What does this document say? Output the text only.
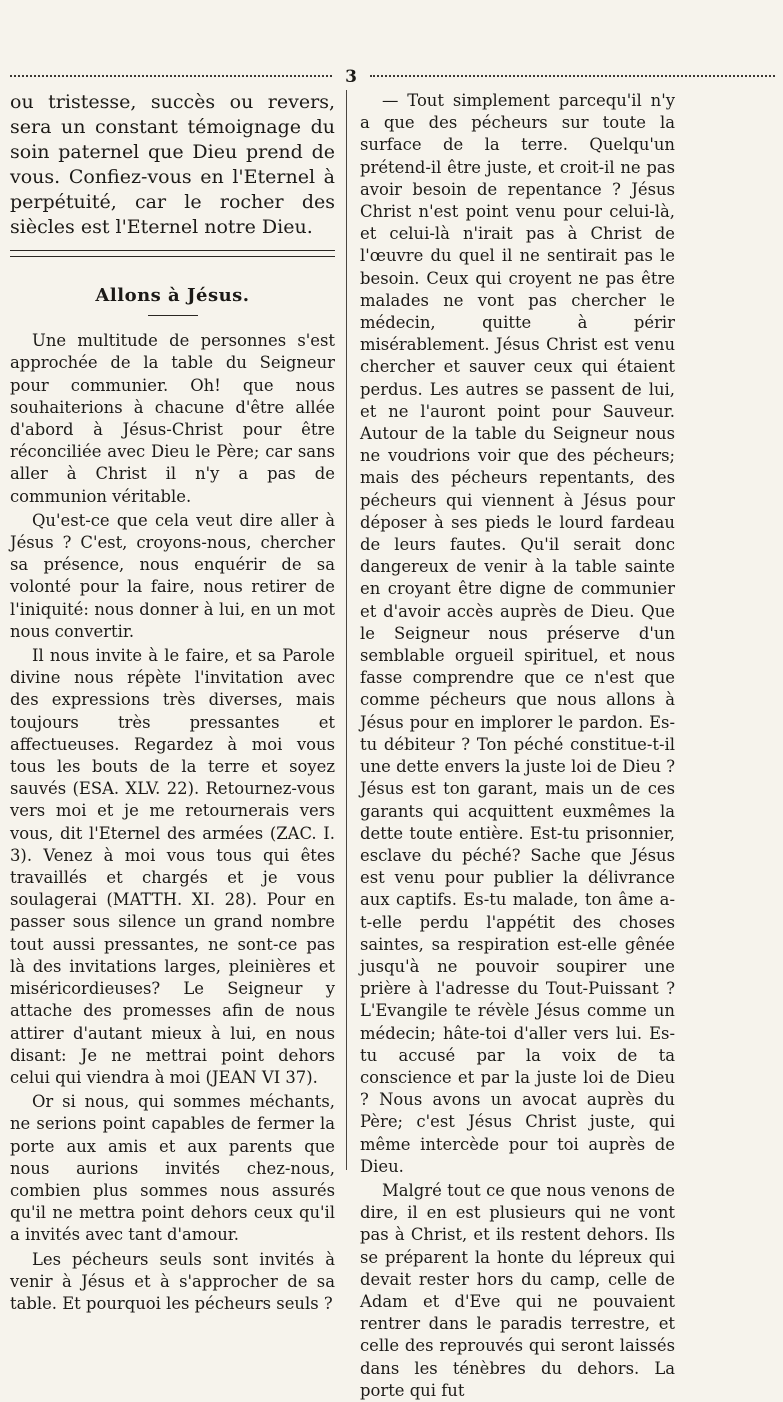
3

ou tristesse, succès ou revers, sera un constant témoignage du soin paternel que Dieu prend de vous. Confiez-vous en l'Eternel à perpétuité, car le rocher des siècles est l'Eternel notre Dieu.

Allons à Jésus.

Une multitude de personnes s'est approchée de la table du Seigneur pour communier. Oh! que nous souhaiterions à chacune d'être allée d'abord à Jésus-Christ pour être réconciliée avec Dieu le Père; car sans aller à Christ il n'y a pas de communion véritable.

Qu'est-ce que cela veut dire aller à Jésus ? C'est, croyons-nous, chercher sa présence, nous enquérir de sa volonté pour la faire, nous retirer de l'iniquité: nous donner à lui, en un mot nous convertir.

Il nous invite à le faire, et sa Parole divine nous répète l'invitation avec des expressions très diverses, mais toujours très pressantes et affectueuses. Regardez à moi vous tous les bouts de la terre et soyez sauvés (ESA. XLV. 22). Retournez-vous vers moi et je me retournerais vers vous, dit l'Eternel des armées (ZAC. I. 3). Venez à moi vous tous qui êtes travaillés et chargés et je vous soulagerai (MATTH. XI. 28). Pour en passer sous silence un grand nombre tout aussi pressantes, ne sont-ce pas là des invitations larges, pleinières et miséricordieuses? Le Seigneur y attache des promesses afin de nous attirer d'autant mieux à lui, en nous disant: Je ne mettrai point dehors celui qui viendra à moi (JEAN VI 37).

Or si nous, qui sommes méchants, ne serions point capables de fermer la porte aux amis et aux parents que nous aurions invités chez-nous, combien plus sommes nous assurés qu'il ne mettra point dehors ceux qu'il a invités avec tant d'amour.

Les pécheurs seuls sont invités à venir à Jésus et à s'approcher de sa table. Et pourquoi les pécheurs seuls ?

— Tout simplement parcequ'il n'y a que des pécheurs sur toute la surface de la terre. Quelqu'un prétend-il être juste, et croit-il ne pas avoir besoin de repentance ? Jésus Christ n'est point venu pour celui-là, et celui-là n'irait pas à Christ de l'œuvre du quel il ne sentirait pas le besoin. Ceux qui croyent ne pas être malades ne vont pas chercher le médecin, quitte à périr misérablement. Jésus Christ est venu chercher et sauver ceux qui étaient perdus. Les autres se passent de lui, et ne l'auront point pour Sauveur. Autour de la table du Seigneur nous ne voudrions voir que des pécheurs; mais des pécheurs repentants, des pécheurs qui viennent à Jésus pour déposer à ses pieds le lourd fardeau de leurs fautes. Qu'il serait donc dangereux de venir à la table sainte en croyant être digne de communier et d'avoir accès auprès de Dieu. Que le Seigneur nous préserve d'un semblable orgueil spirituel, et nous fasse comprendre que ce n'est que comme pécheurs que nous allons à Jésus pour en implorer le pardon. Es-tu débiteur ? Ton péché constitue-t-il une dette envers la juste loi de Dieu ? Jésus est ton garant, mais un de ces garants qui acquittent euxmêmes la dette toute entière. Est-tu prisonnier, esclave du péché? Sache que Jésus est venu pour publier la délivrance aux captifs. Es-tu malade, ton âme a-t-elle perdu l'appétit des choses saintes, sa respiration est-elle gênée jusqu'à ne pouvoir soupirer une prière à l'adresse du Tout-Puissant ? L'Evangile te révèle Jésus comme un médecin; hâte-toi d'aller vers lui. Es-tu accusé par la voix de ta conscience et par la juste loi de Dieu ? Nous avons un avocat auprès du Père; c'est Jésus Christ juste, qui même intercède pour toi auprès de Dieu.

Malgré tout ce que nous venons de dire, il en est plusieurs qui ne vont pas à Christ, et ils restent dehors. Ils se préparent la honte du lépreux qui devait rester hors du camp, celle de Adam et d'Eve qui ne pouvaient rentrer dans le paradis terrestre, et celle des reprouvés qui seront laissés dans les ténèbres du dehors. La porte qui fut
